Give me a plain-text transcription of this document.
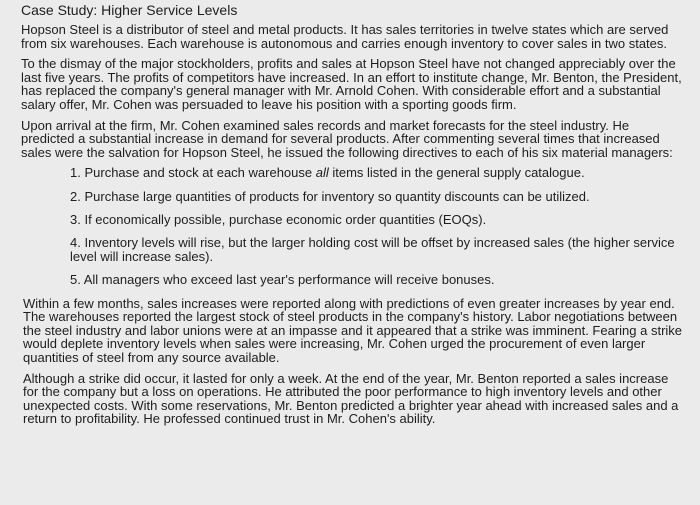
Case Study: Higher Service Levels

Hopson Steel is a distributor of steel and metal products. It has sales territories in twelve states which are served from six warehouses. Each warehouse is autonomous and carries enough inventory to cover sales in two states.

To the dismay of the major stockholders, profits and sales at Hopson Steel have not changed appreciably over the last five years. The profits of competitors have increased. In an effort to institute change, Mr. Benton, the President, has replaced the company's general manager with Mr. Arnold Cohen. With considerable effort and a substantial salary offer, Mr. Cohen was persuaded to leave his position with a sporting goods firm.

Upon arrival at the firm, Mr. Cohen examined sales records and market forecasts for the steel industry. He predicted a substantial increase in demand for several products. After commenting several times that increased sales were the salvation for Hopson Steel, he issued the following directives to each of his six material managers:

1. Purchase and stock at each warehouse all items listed in the general supply catalogue.
2. Purchase large quantities of products for inventory so quantity discounts can be utilized.
3. If economically possible, purchase economic order quantities (EOQs).
4. Inventory levels will rise, but the larger holding cost will be offset by increased sales (the higher service level will increase sales).
5. All managers who exceed last year's performance will receive bonuses.

Within a few months, sales increases were reported along with predictions of even greater increases by year end. The warehouses reported the largest stock of steel products in the company's history. Labor negotiations between the steel industry and labor unions were at an impasse and it appeared that a strike was imminent. Fearing a strike would deplete inventory levels when sales were increasing, Mr. Cohen urged the procurement of even larger quantities of steel from any source available.

Although a strike did occur, it lasted for only a week. At the end of the year, Mr. Benton reported a sales increase for the company but a loss on operations. He attributed the poor performance to high inventory levels and other unexpected costs. With some reservations, Mr. Benton predicted a brighter year ahead with increased sales and a return to profitability. He professed continued trust in Mr. Cohen's ability.
